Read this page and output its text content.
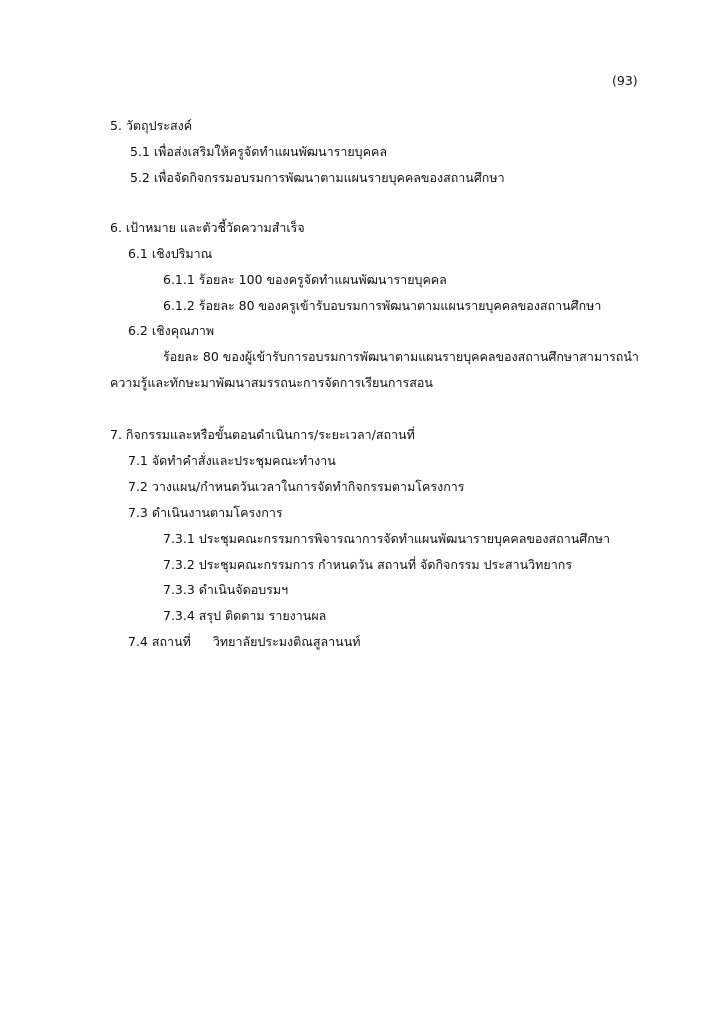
(93)
5. วัตถุประสงค์
5.1 เพื่อส่งเสริมให้ครูจัดทำแผนพัฒนารายบุคคล
5.2 เพื่อจัดกิจกรรมอบรมการพัฒนาตามแผนรายบุคคลของสถานศึกษา
6. เป้าหมาย และตัวชี้วัดความสำเร็จ
6.1 เชิงปริมาณ
6.1.1 ร้อยละ 100 ของครูจัดทำแผนพัฒนารายบุคคล
6.1.2 ร้อยละ 80 ของครูเข้ารับอบรมการพัฒนาตามแผนรายบุคคลของสถานศึกษา
6.2 เชิงคุณภาพ
ร้อยละ 80 ของผู้เข้ารับการอบรมการพัฒนาตามแผนรายบุคคลของสถานศึกษาสามารถนำ
ความรู้และทักษะมาพัฒนาสมรรถนะการจัดการเรียนการสอน
7. กิจกรรมและหรือขั้นตอนดำเนินการ/ระยะเวลา/สถานที่
7.1 จัดทำคำสั่งและประชุมคณะทำงาน
7.2 วางแผน/กำหนดวันเวลาในการจัดทำกิจกรรมตามโครงการ
7.3 ดำเนินงานตามโครงการ
7.3.1 ประชุมคณะกรรมการพิจารณาการจัดทำแผนพัฒนารายบุคคลของสถานศึกษา
7.3.2 ประชุมคณะกรรมการ กำหนดวัน สถานที่ จัดกิจกรรม ประสานวิทยากร
7.3.3 ดำเนินจัดอบรมฯ
7.3.4 สรุป ติดตาม รายงานผล
7.4 สถานที่ วิทยาลัยประมงติณสูลานนท์
